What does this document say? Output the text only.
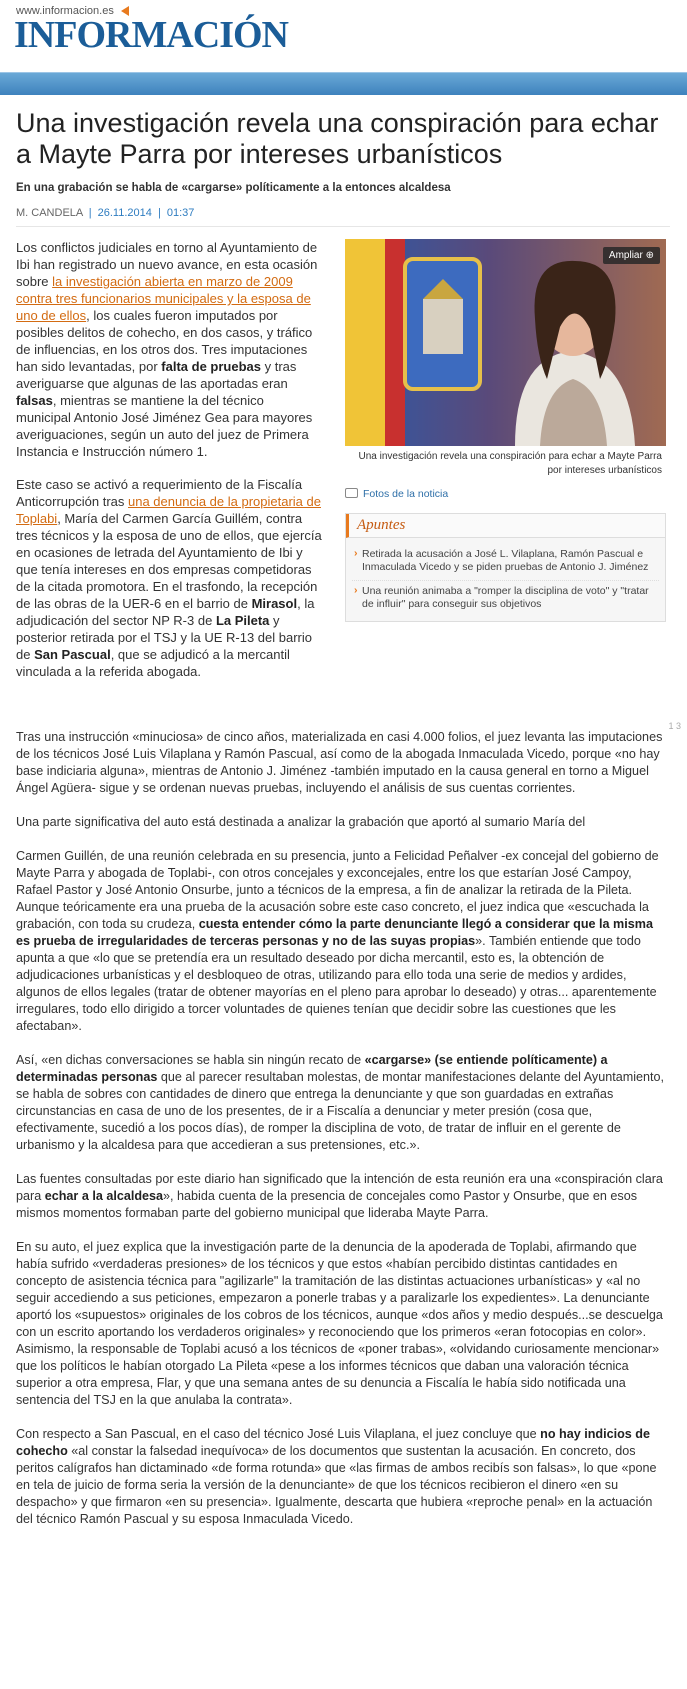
www.informacion.es
INFORMACIÓN
Una investigación revela una conspiración para echar a Mayte Parra por intereses urbanísticos
En una grabación se habla de «cargarse» políticamente a la entonces alcaldesa
M. CANDELA | 26.11.2014 | 01:37

Los conflictos judiciales en torno al Ayuntamiento de Ibi han registrado un nuevo avance, en esta ocasión sobre la investigación abierta en marzo de 2009 contra tres funcionarios municipales y la esposa de uno de ellos, los cuales fueron imputados por posibles delitos de cohecho, en dos casos, y tráfico de influencias, en los otros dos. Tres imputaciones han sido levantadas, por falta de pruebas y tras averiguarse que algunas de las aportadas eran falsas, mientras se mantiene la del técnico municipal Antonio José Jiménez Gea para mayores averiguaciones, según un auto del juez de Primera Instancia e Instrucción número 1.

Este caso se activó a requerimiento de la Fiscalía Anticorrupción tras una denuncia de la propietaria de Toplabi, María del Carmen García Guillém, contra tres técnicos y la esposa de uno de ellos, que ejercía en ocasiones de letrada del Ayuntamiento de Ibi y que tenía intereses en dos empresas competidoras de la citada promotora. En el trasfondo, la recepción de las obras de la UER-6 en el barrio de Mirasol, la adjudicación del sector NP R-3 de La Pileta y posterior retirada por el TSJ y la UE R-13 del barrio de San Pascual, que se adjudicó a la mercantil vinculada a la referida abogada.

Ampliar ⊕
Una investigación revela una conspiración para echar a Mayte Parra por intereses urbanísticos
Fotos de la noticia
Apuntes
› Retirada la acusación a José L. Vilaplana, Ramón Pascual e Inmaculada Vicedo y se piden pruebas de Antonio J. Jiménez
› Una reunión animaba a "romper la disciplina de voto" y "tratar de influir" para conseguir sus objetivos

Tras una instrucción «minuciosa» de cinco años, materializada en casi 4.000 folios, el juez levanta las imputaciones de los técnicos José Luis Vilaplana y Ramón Pascual, así como de la abogada Inmaculada Vicedo, porque «no hay base indiciaria alguna», mientras de Antonio J. Jiménez -también imputado en la causa general en torno a Miguel Ángel Agüera- sigue y se ordenan nuevas pruebas, incluyendo el análisis de sus cuentas corrientes.

Una parte significativa del auto está destinada a analizar la grabación que aportó al sumario María del

Carmen Guillén, de una reunión celebrada en su presencia, junto a Felicidad Peñalver -ex concejal del gobierno de Mayte Parra y abogada de Toplabi-, con otros concejales y exconcejales, entre los que estarían José Campoy, Rafael Pastor y José Antonio Onsurbe, junto a técnicos de la empresa, a fin de analizar la retirada de la Pileta. Aunque teóricamente era una prueba de la acusación sobre este caso concreto, el juez indica que «escuchada la grabación, con toda su crudeza, cuesta entender cómo la parte denunciante llegó a considerar que la misma es prueba de irregularidades de terceras personas y no de las suyas propias». También entiende que todo apunta a que «lo que se pretendía era un resultado deseado por dicha mercantil, esto es, la obtención de adjudicaciones urbanísticas y el desbloqueo de otras, utilizando para ello toda una serie de medios y ardides, algunos de ellos legales (tratar de obtener mayorías en el pleno para aprobar lo deseado) y otras... aparentemente irregulares, todo ello dirigido a torcer voluntades de quienes tenían que decidir sobre las cuestiones que les afectaban».

Así, «en dichas conversaciones se habla sin ningún recato de «cargarse» (se entiende políticamente) a determinadas personas que al parecer resultaban molestas, de montar manifestaciones delante del Ayuntamiento, se habla de sobres con cantidades de dinero que entrega la denunciante y que son guardadas en extrañas circunstancias en casa de uno de los presentes, de ir a Fiscalía a denunciar y meter presión (cosa que, efectivamente, sucedió a los pocos días), de romper la disciplina de voto, de tratar de influir en el gerente de urbanismo y la alcaldesa para que accedieran a sus pretensiones, etc.».

Las fuentes consultadas por este diario han significado que la intención de esta reunión era una «conspiración clara para echar a la alcaldesa», habida cuenta de la presencia de concejales como Pastor y Onsurbe, que en esos mismos momentos formaban parte del gobierno municipal que lideraba Mayte Parra.

En su auto, el juez explica que la investigación parte de la denuncia de la apoderada de Toplabi, afirmando que había sufrido «verdaderas presiones» de los técnicos y que estos «habían percibido distintas cantidades en concepto de asistencia técnica para "agilizarle" la tramitación de las distintas actuaciones urbanísticas» y «al no seguir accediendo a sus peticiones, empezaron a ponerle trabas y a paralizarle los expedientes». La denunciante aportó los «supuestos» originales de los cobros de los técnicos, aunque «dos años y medio después...se descuelga con un escrito aportando los verdaderos originales» y reconociendo que los primeros «eran fotocopias en color». Asimismo, la responsable de Toplabi acusó a los técnicos de «poner trabas», «olvidando curiosamente mencionar» que los políticos le habían otorgado La Pileta «pese a los informes técnicos que daban una valoración técnica superior a otra empresa, Flar, y que una semana antes de su denuncia a Fiscalía le había sido notificada una sentencia del TSJ en la que anulaba la contrata».

Con respecto a San Pascual, en el caso del técnico José Luis Vilaplana, el juez concluye que no hay indicios de cohecho «al constar la falsedad inequívoca» de los documentos que sustentan la acusación. En concreto, dos peritos calígrafos han dictaminado «de forma rotunda» que «las firmas de ambos recibís son falsas», lo que «pone en tela de juicio de forma seria la versión de la denunciante» de que los técnicos recibieron el dinero «en su despacho» y que firmaron «en su presencia». Igualmente, descarta que hubiera «reproche penal» en la actuación del técnico Ramón Pascual y su esposa Inmaculada Vicedo.

1 3
